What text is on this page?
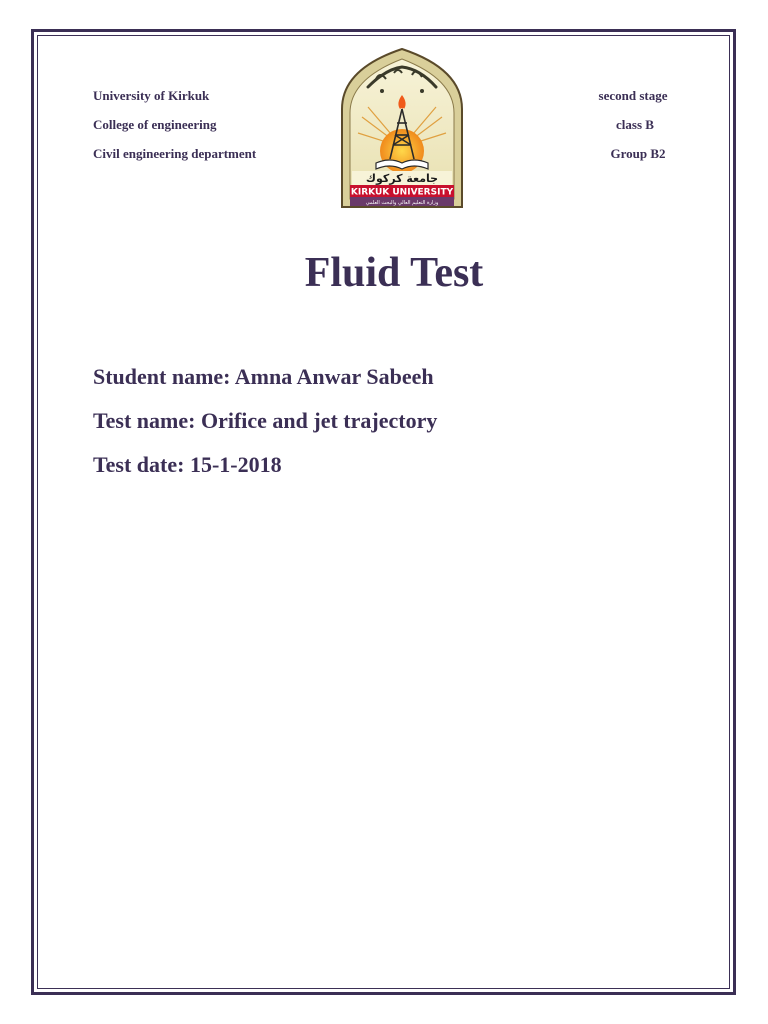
University of Kirkuk
College of engineering
Civil engineering department
second stage
class B
Group B2
جامعة كركوك
KIRKUK UNIVERSITY
وزارة التعليم العالي والبحث العلمي
Fluid Test
Student name: Amna Anwar Sabeeh
Test name: Orifice and jet trajectory
Test date: 15-1-2018
